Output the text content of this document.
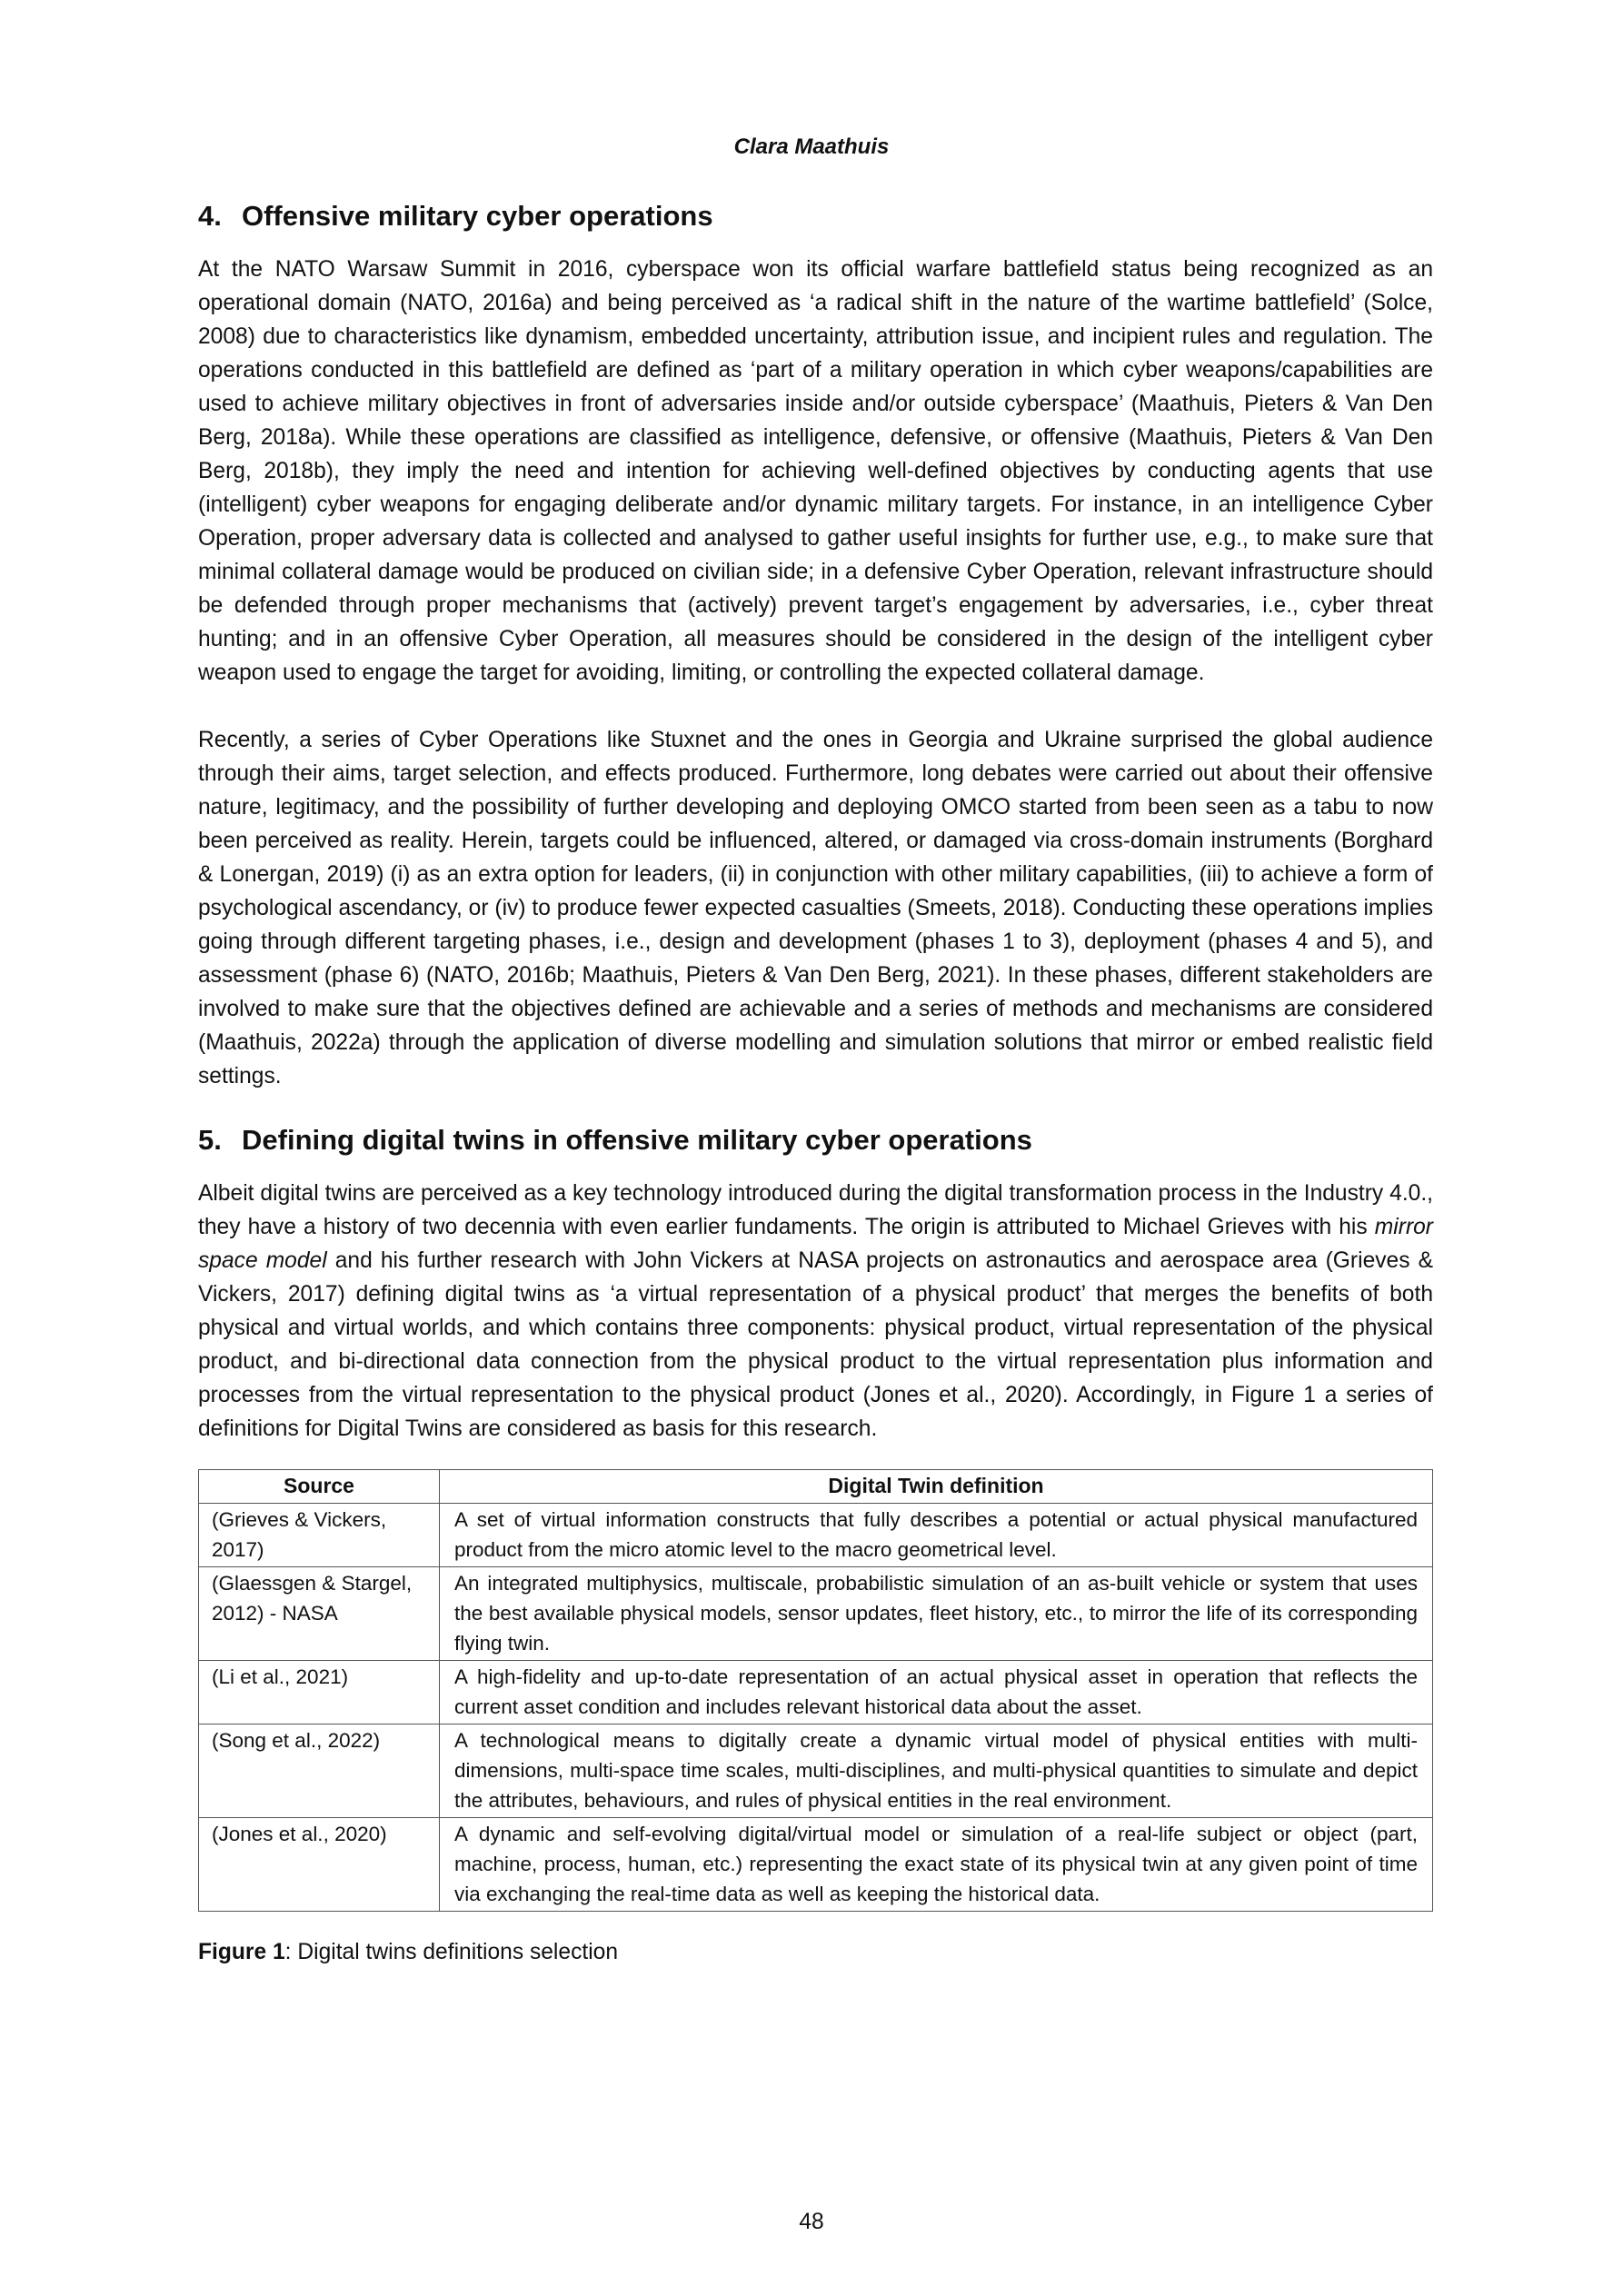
Clara Maathuis
4. Offensive military cyber operations

At the NATO Warsaw Summit in 2016, cyberspace won its official warfare battlefield status being recognized as an operational domain (NATO, 2016a) and being perceived as ‘a radical shift in the nature of the wartime battlefield’ (Solce, 2008) due to characteristics like dynamism, embedded uncertainty, attribution issue, and incipient rules and regulation. The operations conducted in this battlefield are defined as ‘part of a military operation in which cyber weapons/capabilities are used to achieve military objectives in front of adversaries inside and/or outside cyberspace’ (Maathuis, Pieters & Van Den Berg, 2018a). While these operations are classified as intelligence, defensive, or offensive (Maathuis, Pieters & Van Den Berg, 2018b), they imply the need and intention for achieving well-defined objectives by conducting agents that use (intelligent) cyber weapons for engaging deliberate and/or dynamic military targets. For instance, in an intelligence Cyber Operation, proper adversary data is collected and analysed to gather useful insights for further use, e.g., to make sure that minimal collateral damage would be produced on civilian side; in a defensive Cyber Operation, relevant infrastructure should be defended through proper mechanisms that (actively) prevent target’s engagement by adversaries, i.e., cyber threat hunting; and in an offensive Cyber Operation, all measures should be considered in the design of the intelligent cyber weapon used to engage the target for avoiding, limiting, or controlling the expected collateral damage.

Recently, a series of Cyber Operations like Stuxnet and the ones in Georgia and Ukraine surprised the global audience through their aims, target selection, and effects produced. Furthermore, long debates were carried out about their offensive nature, legitimacy, and the possibility of further developing and deploying OMCO started from been seen as a tabu to now been perceived as reality. Herein, targets could be influenced, altered, or damaged via cross-domain instruments (Borghard & Lonergan, 2019) (i) as an extra option for leaders, (ii) in conjunction with other military capabilities, (iii) to achieve a form of psychological ascendancy, or (iv) to produce fewer expected casualties (Smeets, 2018). Conducting these operations implies going through different targeting phases, i.e., design and development (phases 1 to 3), deployment (phases 4 and 5), and assessment (phase 6) (NATO, 2016b; Maathuis, Pieters & Van Den Berg, 2021). In these phases, different stakeholders are involved to make sure that the objectives defined are achievable and a series of methods and mechanisms are considered (Maathuis, 2022a) through the application of diverse modelling and simulation solutions that mirror or embed realistic field settings.

5. Defining digital twins in offensive military cyber operations

Albeit digital twins are perceived as a key technology introduced during the digital transformation process in the Industry 4.0., they have a history of two decennia with even earlier fundaments. The origin is attributed to Michael Grieves with his mirror space model and his further research with John Vickers at NASA projects on astronautics and aerospace area (Grieves & Vickers, 2017) defining digital twins as ‘a virtual representation of a physical product’ that merges the benefits of both physical and virtual worlds, and which contains three components: physical product, virtual representation of the physical product, and bi-directional data connection from the physical product to the virtual representation plus information and processes from the virtual representation to the physical product (Jones et al., 2020). Accordingly, in Figure 1 a series of definitions for Digital Twins are considered as basis for this research.

Source	Digital Twin definition
(Grieves & Vickers, 2017)	A set of virtual information constructs that fully describes a potential or actual physical manufactured product from the micro atomic level to the macro geometrical level.
(Glaessgen & Stargel, 2012) - NASA	An integrated multiphysics, multiscale, probabilistic simulation of an as-built vehicle or system that uses the best available physical models, sensor updates, fleet history, etc., to mirror the life of its corresponding flying twin.
(Li et al., 2021)	A high-fidelity and up-to-date representation of an actual physical asset in operation that reflects the current asset condition and includes relevant historical data about the asset.
(Song et al., 2022)	A technological means to digitally create a dynamic virtual model of physical entities with multi-dimensions, multi-space time scales, multi-disciplines, and multi-physical quantities to simulate and depict the attributes, behaviours, and rules of physical entities in the real environment.
(Jones et al., 2020)	A dynamic and self-evolving digital/virtual model or simulation of a real-life subject or object (part, machine, process, human, etc.) representing the exact state of its physical twin at any given point of time via exchanging the real-time data as well as keeping the historical data.
Figure 1: Digital twins definitions selection
48
